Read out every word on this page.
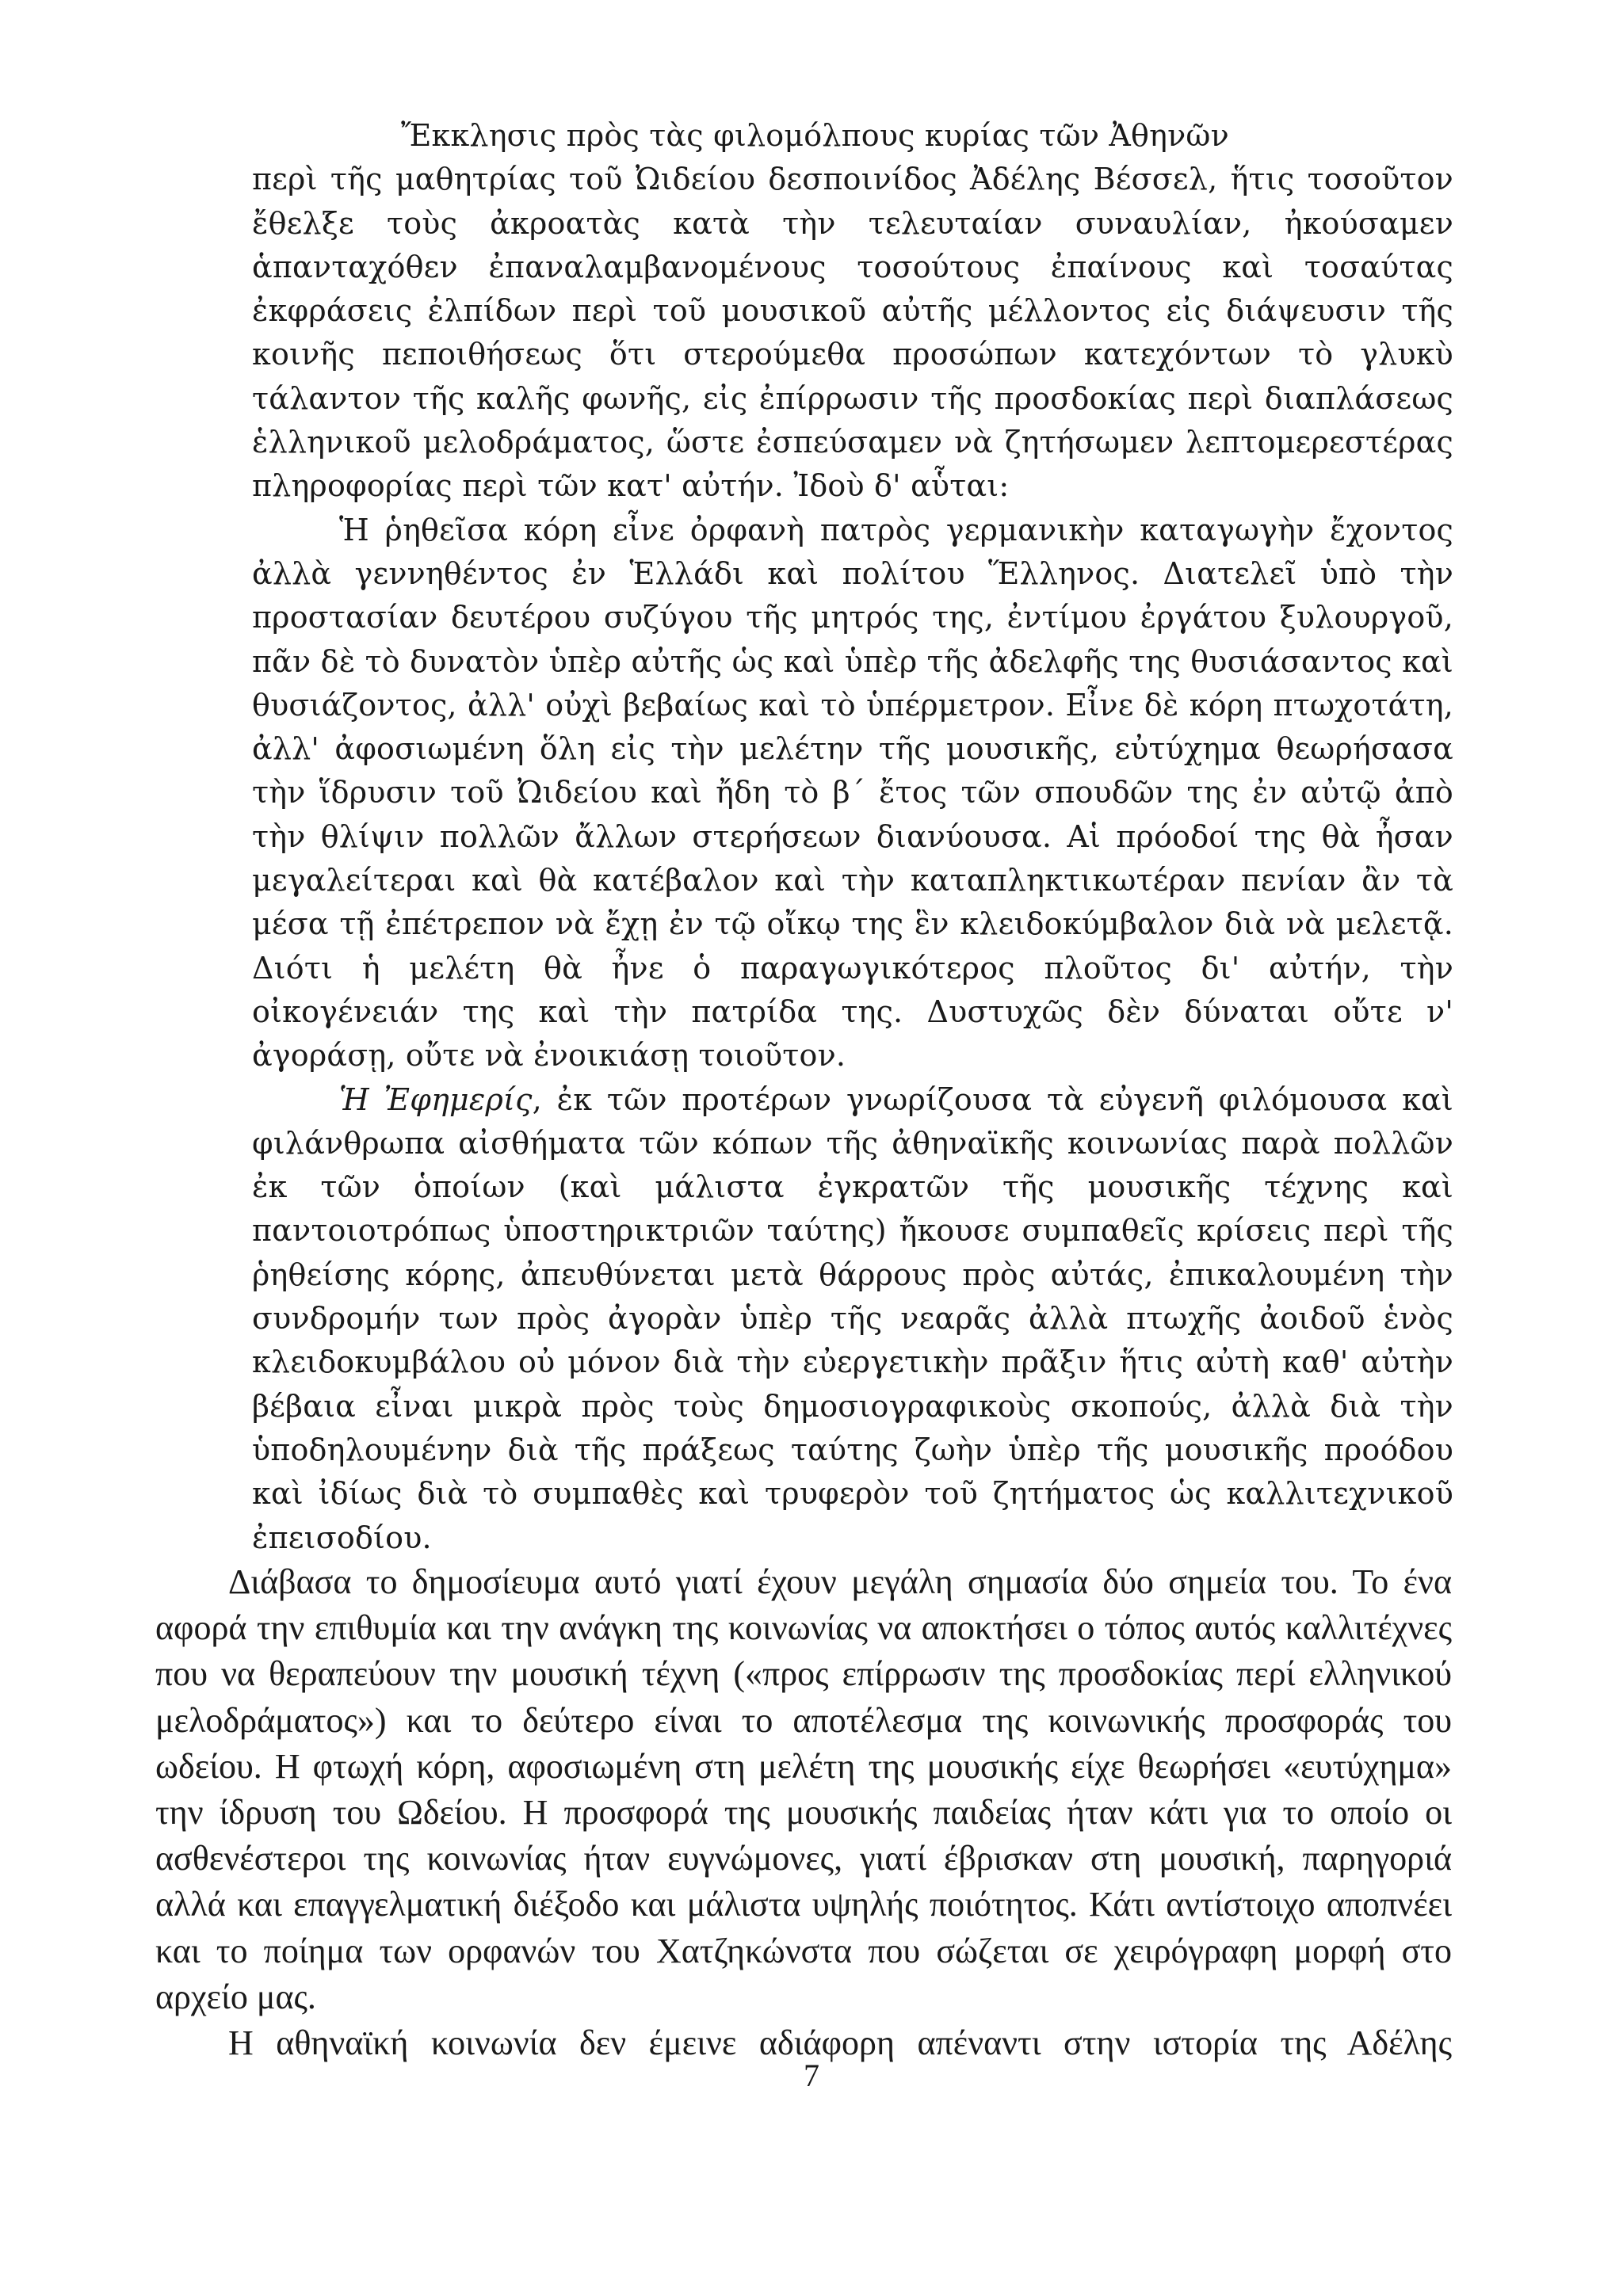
Ἔκκλησις πρὸς τὰς φιλομόλπους κυρίας τῶν Ἀθηνῶν

περὶ τῆς μαθητρίας τοῦ Ὠιδείου δεσποινίδος Ἀδέλης Βέσσελ, ἥτις τοσοῦτον ἔθελξε τοὺς ἀκροατὰς κατὰ τὴν τελευταίαν συναυλίαν, ἠκούσαμεν ἁπανταχόθεν ἐπαναλαμβανομένους τοσούτους ἐπαίνους καὶ τοσαύτας ἐκφράσεις ἐλπίδων περὶ τοῦ μουσικοῦ αὐτῆς μέλλοντος εἰς διάψευσιν τῆς κοινῆς πεποιθήσεως ὅτι στερούμεθα προσώπων κατεχόντων τὸ γλυκὺ τάλαντον τῆς καλῆς φωνῆς, εἰς ἐπίρρωσιν τῆς προσδοκίας περὶ διαπλάσεως ἑλληνικοῦ μελοδράματος, ὥστε ἐσπεύσαμεν νὰ ζητήσωμεν λεπτομερεστέρας πληροφορίας περὶ τῶν κατ' αὐτήν. Ἰδοὺ δ' αὗται:

Ἡ ῥηθεῖσα κόρη εἶνε ὀρφανὴ πατρὸς γερμανικὴν καταγωγὴν ἔχοντος ἀλλὰ γεννηθέντος ἐν Ἑλλάδι καὶ πολίτου Ἕλληνος. Διατελεῖ ὑπὸ τὴν προστασίαν δευτέρου συζύγου τῆς μητρός της, ἐντίμου ἐργάτου ξυλουργοῦ, πᾶν δὲ τὸ δυνατὸν ὑπὲρ αὐτῆς ὡς καὶ ὑπὲρ τῆς ἀδελφῆς της θυσιάσαντος καὶ θυσιάζοντος, ἀλλ' οὐχὶ βεβαίως καὶ τὸ ὑπέρμετρον. Εἶνε δὲ κόρη πτωχοτάτη, ἀλλ' ἀφοσιωμένη ὅλη εἰς τὴν μελέτην τῆς μουσικῆς, εὐτύχημα θεωρήσασα τὴν ἵδρυσιν τοῦ Ὠιδείου καὶ ἤδη τὸ β΄ ἔτος τῶν σπουδῶν της ἐν αὐτῷ ἀπὸ τὴν θλίψιν πολλῶν ἄλλων στερήσεων διανύουσα. Αἱ πρόοδοί της θὰ ἦσαν μεγαλείτεραι καὶ θὰ κατέβαλον καὶ τὴν καταπληκτικωτέραν πενίαν ἂν τὰ μέσα τῇ ἐπέτρεπον νὰ ἔχῃ ἐν τῷ οἴκῳ της ἓν κλειδοκύμβαλον διὰ νὰ μελετᾷ. Διότι ἡ μελέτη θὰ ἦνε ὁ παραγωγικότερος πλοῦτος δι' αὐτήν, τὴν οἰκογένειάν της καὶ τὴν πατρίδα της. Δυστυχῶς δὲν δύναται οὔτε ν' ἀγοράσῃ, οὔτε νὰ ἐνοικιάσῃ τοιοῦτον.

Ἡ Ἐφημερίς, ἐκ τῶν προτέρων γνωρίζουσα τὰ εὐγενῆ φιλόμουσα καὶ φιλάνθρωπα αἰσθήματα τῶν κόπων τῆς ἀθηναϊκῆς κοινωνίας παρὰ πολλῶν ἐκ τῶν ὁποίων (καὶ μάλιστα ἐγκρατῶν τῆς μουσικῆς τέχνης καὶ παντοιοτρόπως ὑποστηρικτριῶν ταύτης) ἤκουσε συμπαθεῖς κρίσεις περὶ τῆς ῥηθείσης κόρης, ἀπευθύνεται μετὰ θάρρους πρὸς αὐτάς, ἐπικαλουμένη τὴν συνδρομήν των πρὸς ἀγορὰν ὑπὲρ τῆς νεαρᾶς ἀλλὰ πτωχῆς ἀοιδοῦ ἑνὸς κλειδοκυμβάλου οὐ μόνον διὰ τὴν εὐεργετικὴν πρᾶξιν ἥτις αὐτὴ καθ' αὐτὴν βέβαια εἶναι μικρὰ πρὸς τοὺς δημοσιογραφικοὺς σκοπούς, ἀλλὰ διὰ τὴν ὑποδηλουμένην διὰ τῆς πράξεως ταύτης ζωὴν ὑπὲρ τῆς μουσικῆς προόδου καὶ ἰδίως διὰ τὸ συμπαθὲς καὶ τρυφερὸν τοῦ ζητήματος ὡς καλλιτεχνικοῦ ἐπεισοδίου.

Διάβασα το δημοσίευμα αυτό γιατί έχουν μεγάλη σημασία δύο σημεία του. Το ένα αφορά την επιθυμία και την ανάγκη της κοινωνίας να αποκτήσει ο τόπος αυτός καλλιτέχνες που να θεραπεύουν την μουσική τέχνη («προς επίρρωσιν της προσδοκίας περί ελληνικού μελοδράματος») και το δεύτερο είναι το αποτέλεσμα της κοινωνικής προσφοράς του ωδείου. Η φτωχή κόρη, αφοσιωμένη στη μελέτη της μουσικής είχε θεωρήσει «ευτύχημα» την ίδρυση του Ωδείου. Η προσφορά της μουσικής παιδείας ήταν κάτι για το οποίο οι ασθενέστεροι της κοινωνίας ήταν ευγνώμονες, γιατί έβρισκαν στη μουσική, παρηγοριά αλλά και επαγγελματική διέξοδο και μάλιστα υψηλής ποιότητος. Κάτι αντίστοιχο αποπνέει και το ποίημα των ορφανών του Χατζηκώνστα που σώζεται σε χειρόγραφη μορφή στο αρχείο μας.

Η αθηναϊκή κοινωνία δεν έμεινε αδιάφορη απέναντι στην ιστορία της Αδέλης

7
